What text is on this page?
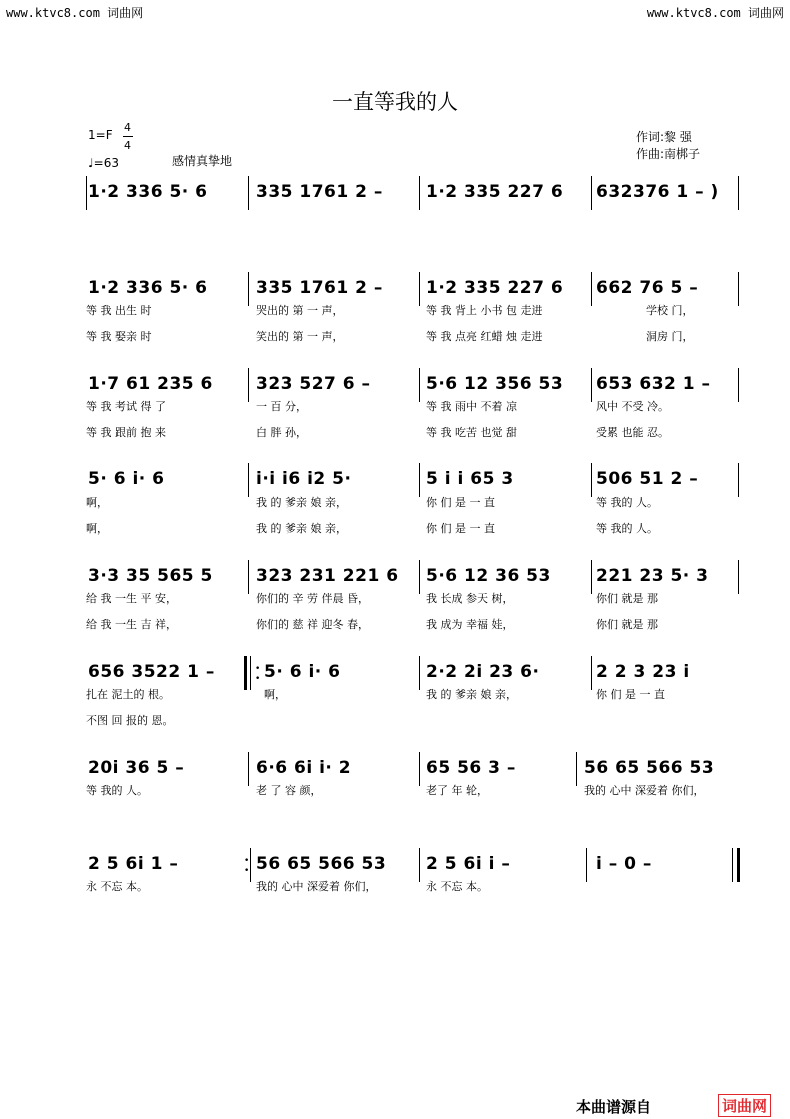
www.ktvc8.com 词曲网	www.ktvc8.com 词曲网
一直等我的人
1=F
4
4
♩=63	感情真挚地
作词:黎 强
作曲:南梆子
1·2 336 5· 6	335 1761 2 –	1·2 335 227 6 632376 1 – )
1·2 336 5· 6	335 1761 2 –	1·2 335 227 6 662 76 5 –
等 我 出生 时	哭出的 第 一 声，	等 我 背上 小书 包 走进	学校 门，
等 我 娶亲 时	笑出的 第 一 声，	等 我 点亮 红蜡 烛 走进	洞房 门，
1·7 61 235 6	323 527 6 –	5·6 12 356 53 653 632 1 –
等 我 考试 得 了	一 百 分，	等 我 雨中 不着 凉	风中 不受 冷。
等 我 跟前 抱 来	白 胖 孙，	等 我 吃苦 也觉 甜	受累 也能 忍。
5· 6 i· 6	i·i i6 i2 5·	5 i i 65 3	506 51 2 –
啊，	我 的 爹亲 娘 亲，	你 们 是 一 直	等 我的 人。
啊，	我 的 爹亲 娘 亲，	你 们 是 一 直	等 我的 人。
3·3 35 565 5	323 231 221 6 5·6 12 36 53	221 23 5· 3
给 我 一生 平 安，	你们的 辛 劳 伴晨 昏，	我 长成 参天 树，	你们 就是 那
给 我 一生 吉 祥，	你们的 慈 祥 迎冬 春，	我 成为 幸福 娃，	你们 就是 那
656 3522 1 –	•
• 5· 6 i· 6	2·2 2i 23 6·	2 2 3 23 i
扎在 泥土的 根。	啊，	我 的 爹亲 娘 亲，	你 们 是 一 直
不图 回 报的 恩。
20i 36 5 –	6·6 6i i· 2	65 56 3 –	56 65 566 53
等 我的 人。	老 了 容 颜，	老了 年 轮，	我的 心中 深爱着 你们，
2 5 6i 1 –	•
• 56 65 566 53 2 5 6i i –	i – 0 –
永 不忘 本。	我的 心中 深爱着 你们，	永 不忘 本。
本曲谱源自	词曲网
